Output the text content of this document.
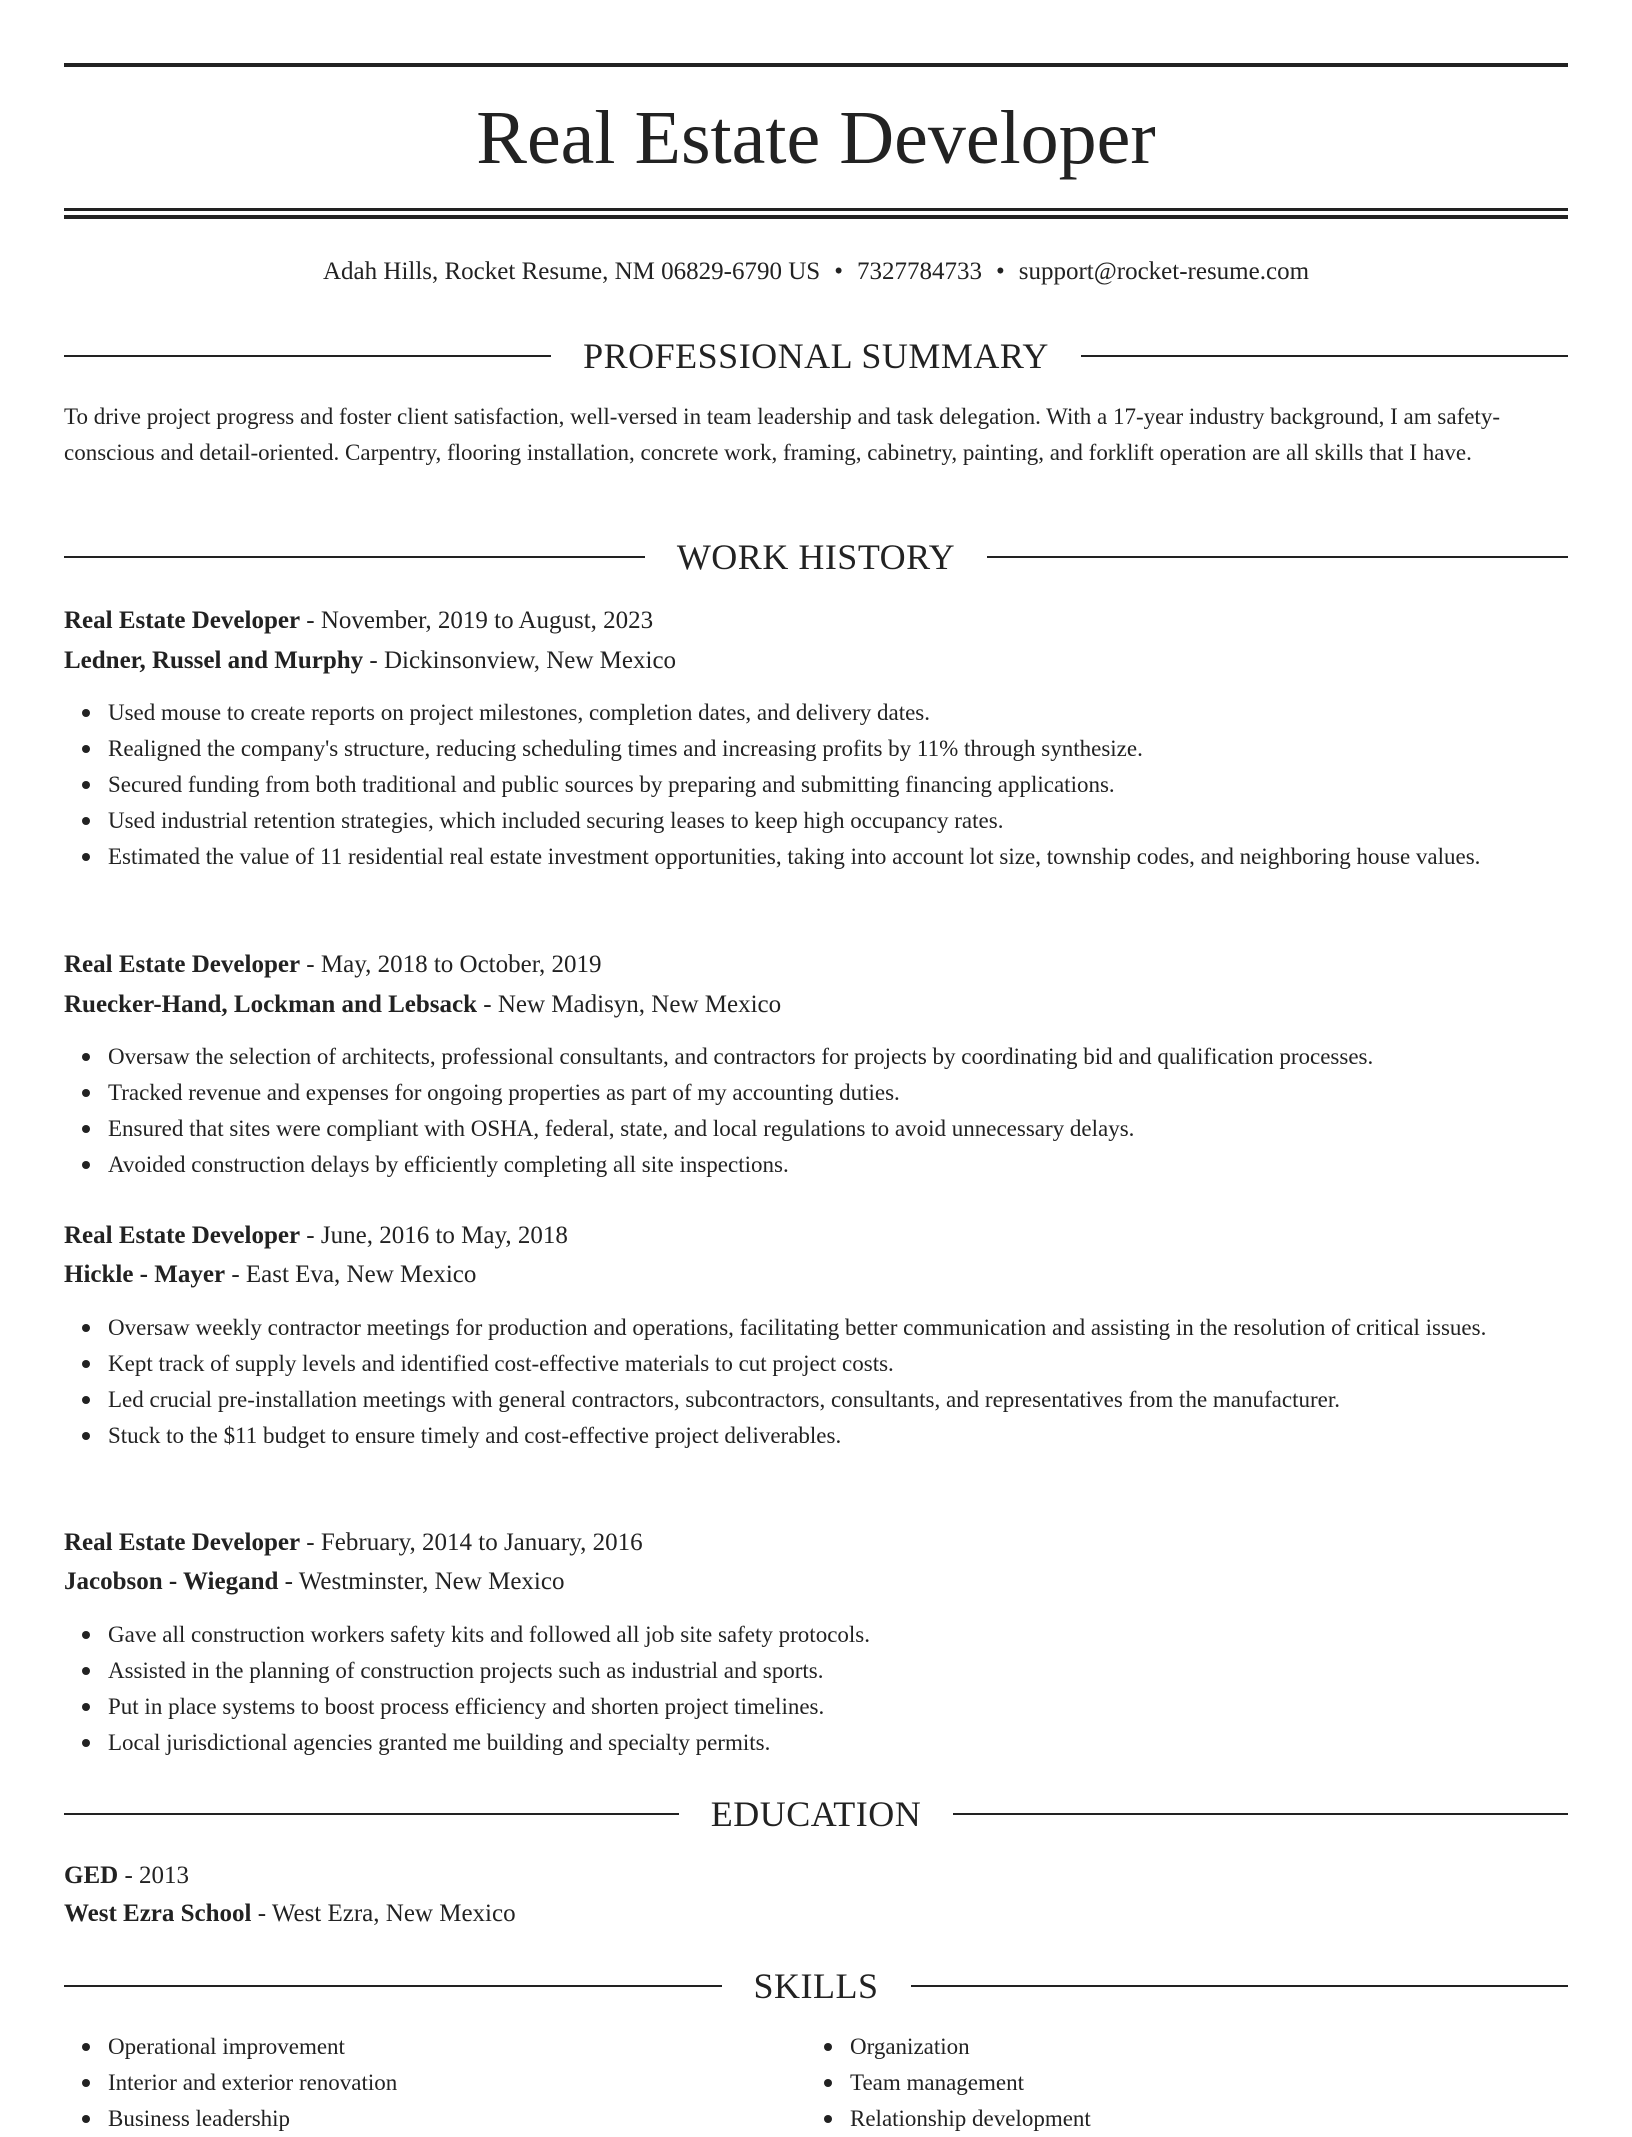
Real Estate Developer
Adah Hills, Rocket Resume, NM 06829-6790 US • 7327784733 • support@rocket-resume.com
PROFESSIONAL SUMMARY
To drive project progress and foster client satisfaction, well-versed in team leadership and task delegation. With a 17-year industry background, I am safety-conscious and detail-oriented. Carpentry, flooring installation, concrete work, framing, cabinetry, painting, and forklift operation are all skills that I have.
WORK HISTORY
Real Estate Developer - November, 2019 to August, 2023
Ledner, Russel and Murphy - Dickinsonview, New Mexico
Used mouse to create reports on project milestones, completion dates, and delivery dates.
Realigned the company's structure, reducing scheduling times and increasing profits by 11% through synthesize.
Secured funding from both traditional and public sources by preparing and submitting financing applications.
Used industrial retention strategies, which included securing leases to keep high occupancy rates.
Estimated the value of 11 residential real estate investment opportunities, taking into account lot size, township codes, and neighboring house values.
Real Estate Developer - May, 2018 to October, 2019
Ruecker-Hand, Lockman and Lebsack - New Madisyn, New Mexico
Oversaw the selection of architects, professional consultants, and contractors for projects by coordinating bid and qualification processes.
Tracked revenue and expenses for ongoing properties as part of my accounting duties.
Ensured that sites were compliant with OSHA, federal, state, and local regulations to avoid unnecessary delays.
Avoided construction delays by efficiently completing all site inspections.
Real Estate Developer - June, 2016 to May, 2018
Hickle - Mayer - East Eva, New Mexico
Oversaw weekly contractor meetings for production and operations, facilitating better communication and assisting in the resolution of critical issues.
Kept track of supply levels and identified cost-effective materials to cut project costs.
Led crucial pre-installation meetings with general contractors, subcontractors, consultants, and representatives from the manufacturer.
Stuck to the $11 budget to ensure timely and cost-effective project deliverables.
Real Estate Developer - February, 2014 to January, 2016
Jacobson - Wiegand - Westminster, New Mexico
Gave all construction workers safety kits and followed all job site safety protocols.
Assisted in the planning of construction projects such as industrial and sports.
Put in place systems to boost process efficiency and shorten project timelines.
Local jurisdictional agencies granted me building and specialty permits.
EDUCATION
GED - 2013
West Ezra School - West Ezra, New Mexico
SKILLS
Operational improvement
Interior and exterior renovation
Business leadership
Organization
Team management
Relationship development
